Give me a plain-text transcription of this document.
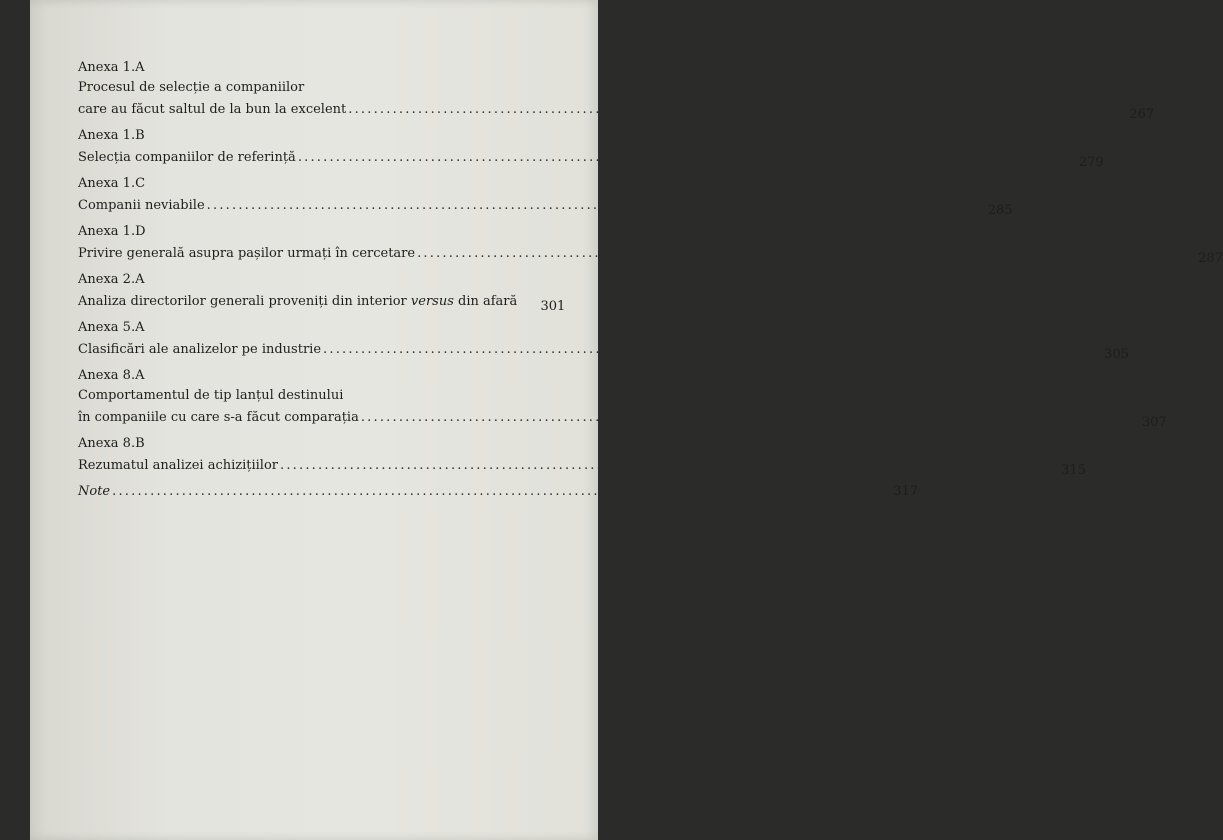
Anexa 1.A
Procesul de selecție a companiilor
care au făcut saltul de la bun la excelent ........................................................................................................................	267
Anexa 1.B
Selecția companiilor de referință ........................................................................................................................	279
Anexa 1.C
Companii neviabile ........................................................................................................................	285
Anexa 1.D
Privire generală asupra pașilor urmați în cercetare ........................................................................................................................	287
Anexa 2.A
Analiza directorilor generali proveniți din interior versus din afară	301
Anexa 5.A
Clasificări ale analizelor pe industrie ........................................................................................................................	305
Anexa 8.A
Comportamentul de tip lanțul destinului
în companiile cu care s-a făcut comparația ........................................................................................................................	307
Anexa 8.B
Rezumatul analizei achizițiilor ........................................................................................................................	315
Note ........................................................................................................................	317
